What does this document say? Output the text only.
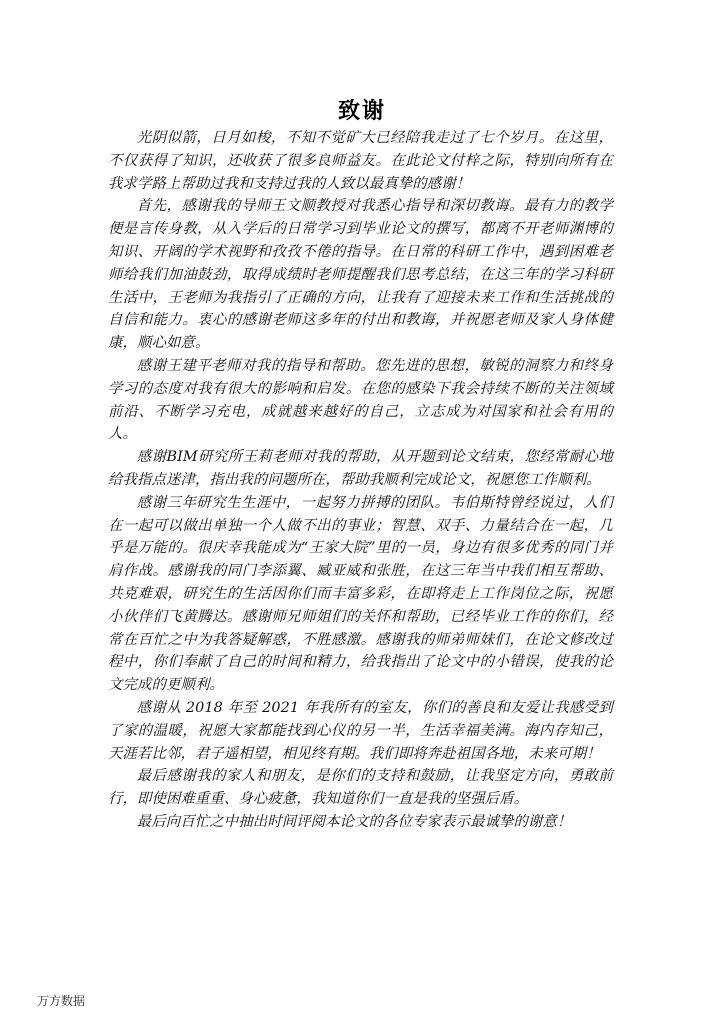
致谢

光阴似箭，日月如梭，不知不觉矿大已经陪我走过了七个岁月。在这里，不仅获得了知识，还收获了很多良师益友。在此论文付梓之际，特别向所有在我求学路上帮助过我和支持过我的人致以最真挚的感谢！

首先，感谢我的导师王文顺教授对我悉心指导和深切教诲。最有力的教学便是言传身教，从入学后的日常学习到毕业论文的撰写，都离不开老师渊博的知识、开阔的学术视野和孜孜不倦的指导。在日常的科研工作中，遇到困难老师给我们加油鼓劲，取得成绩时老师提醒我们思考总结，在这三年的学习科研生活中，王老师为我指引了正确的方向，让我有了迎接未来工作和生活挑战的自信和能力。衷心的感谢老师这多年的付出和教诲，并祝愿老师及家人身体健康，顺心如意。

感谢王建平老师对我的指导和帮助。您先进的思想，敏锐的洞察力和终身学习的态度对我有很大的影响和启发。在您的感染下我会持续不断的关注领域前沿、不断学习充电，成就越来越好的自己，立志成为对国家和社会有用的人。

感谢BIM研究所王莉老师对我的帮助，从开题到论文结束，您经常耐心地给我指点迷津，指出我的问题所在，帮助我顺利完成论文，祝愿您工作顺利。

感谢三年研究生生涯中，一起努力拼搏的团队。韦伯斯特曾经说过，人们在一起可以做出单独一个人做不出的事业；智慧、双手、力量结合在一起，几乎是万能的。很庆幸我能成为“王家大院”里的一员，身边有很多优秀的同门并肩作战。感谢我的同门李添翼、臧亚威和张胜，在这三年当中我们相互帮助、共克难艰，研究生的生活因你们而丰富多彩，在即将走上工作岗位之际，祝愿小伙伴们飞黄腾达。感谢师兄师姐们的关怀和帮助，已经毕业工作的你们，经常在百忙之中为我答疑解惑，不胜感激。感谢我的师弟师妹们，在论文修改过程中，你们奉献了自己的时间和精力，给我指出了论文中的小错误，使我的论文完成的更顺利。

感谢从 2018 年至 2021 年我所有的室友，你们的善良和友爱让我感受到了家的温暖，祝愿大家都能找到心仪的另一半，生活幸福美满。海内存知己，天涯若比邻，君子遥相望，相见终有期。我们即将奔赴祖国各地，未来可期！

最后感谢我的家人和朋友，是你们的支持和鼓励，让我坚定方向，勇敢前行，即使困难重重、身心疲惫，我知道你们一直是我的坚强后盾。

最后向百忙之中抽出时间评阅本论文的各位专家表示最诚挚的谢意！

万方数据
